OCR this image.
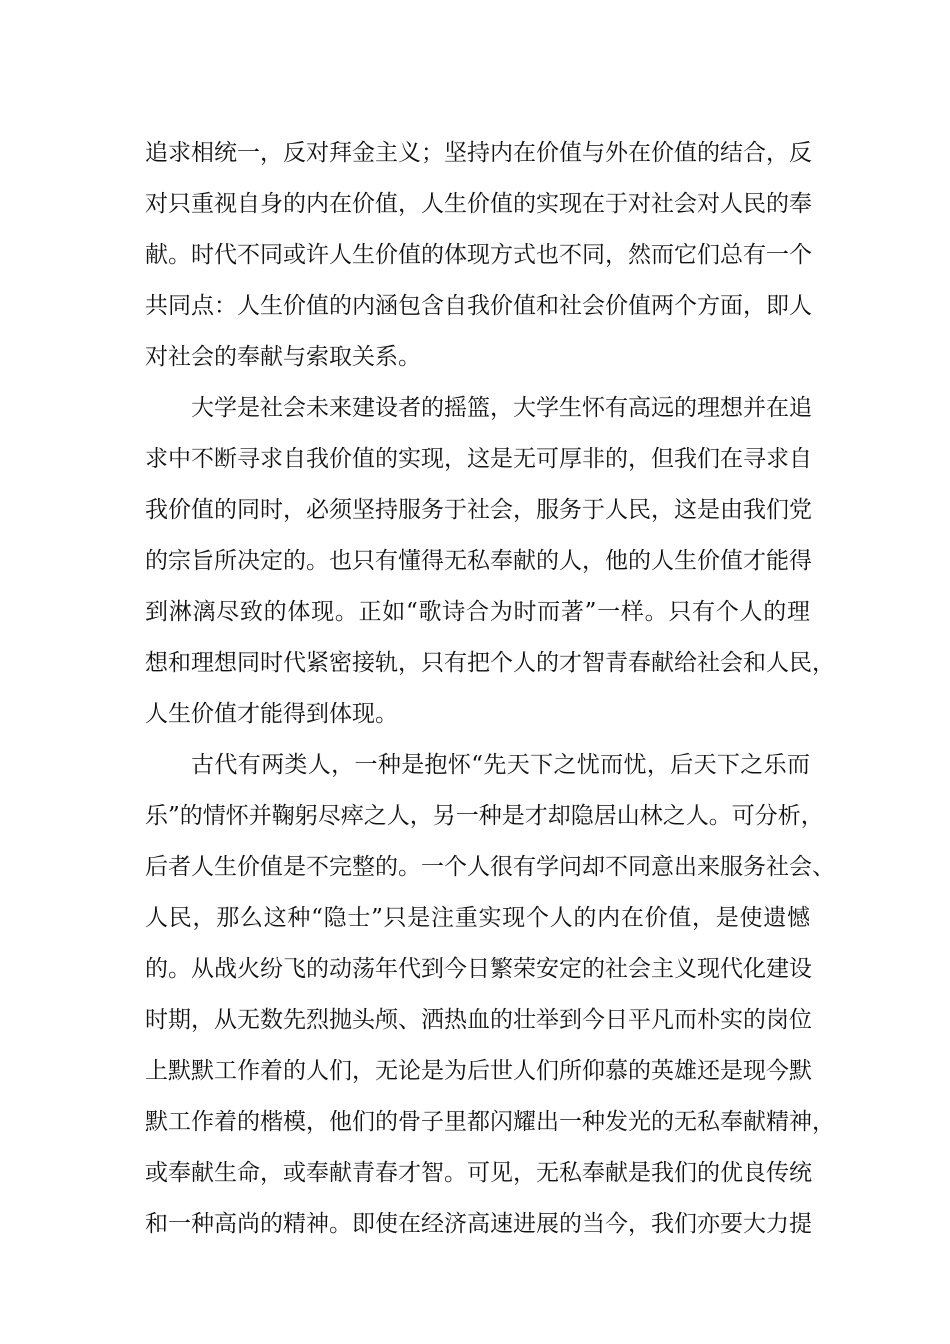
追求相统一，反对拜金主义；坚持内在价值与外在价值的结合，反
对只重视自身的内在价值，人生价值的实现在于对社会对人民的奉
献。时代不同或许人生价值的体现方式也不同，然而它们总有一个
共同点：人生价值的内涵包含自我价值和社会价值两个方面，即人
对社会的奉献与索取关系。
大学是社会未来建设者的摇篮，大学生怀有高远的理想并在追
求中不断寻求自我价值的实现，这是无可厚非的，但我们在寻求自
我价值的同时，必须坚持服务于社会，服务于人民，这是由我们党
的宗旨所决定的。也只有懂得无私奉献的人，他的人生价值才能得
到淋漓尽致的体现。正如“歌诗合为时而著”一样。只有个人的理
想和理想同时代紧密接轨，只有把个人的才智青春献给社会和人民，
人生价值才能得到体现。
古代有两类人，一种是抱怀“先天下之忧而忧，后天下之乐而
乐”的情怀并鞠躬尽瘁之人，另一种是才却隐居山林之人。可分析，
后者人生价值是不完整的。一个人很有学问却不同意出来服务社会、
人民，那么这种“隐士”只是注重实现个人的内在价值，是使遗憾
的。从战火纷飞的动荡年代到今日繁荣安定的社会主义现代化建设
时期，从无数先烈抛头颅、洒热血的壮举到今日平凡而朴实的岗位
上默默工作着的人们，无论是为后世人们所仰慕的英雄还是现今默
默工作着的楷模，他们的骨子里都闪耀出一种发光的无私奉献精神，
或奉献生命，或奉献青春才智。可见，无私奉献是我们的优良传统
和一种高尚的精神。即使在经济高速进展的当今，我们亦要大力提
